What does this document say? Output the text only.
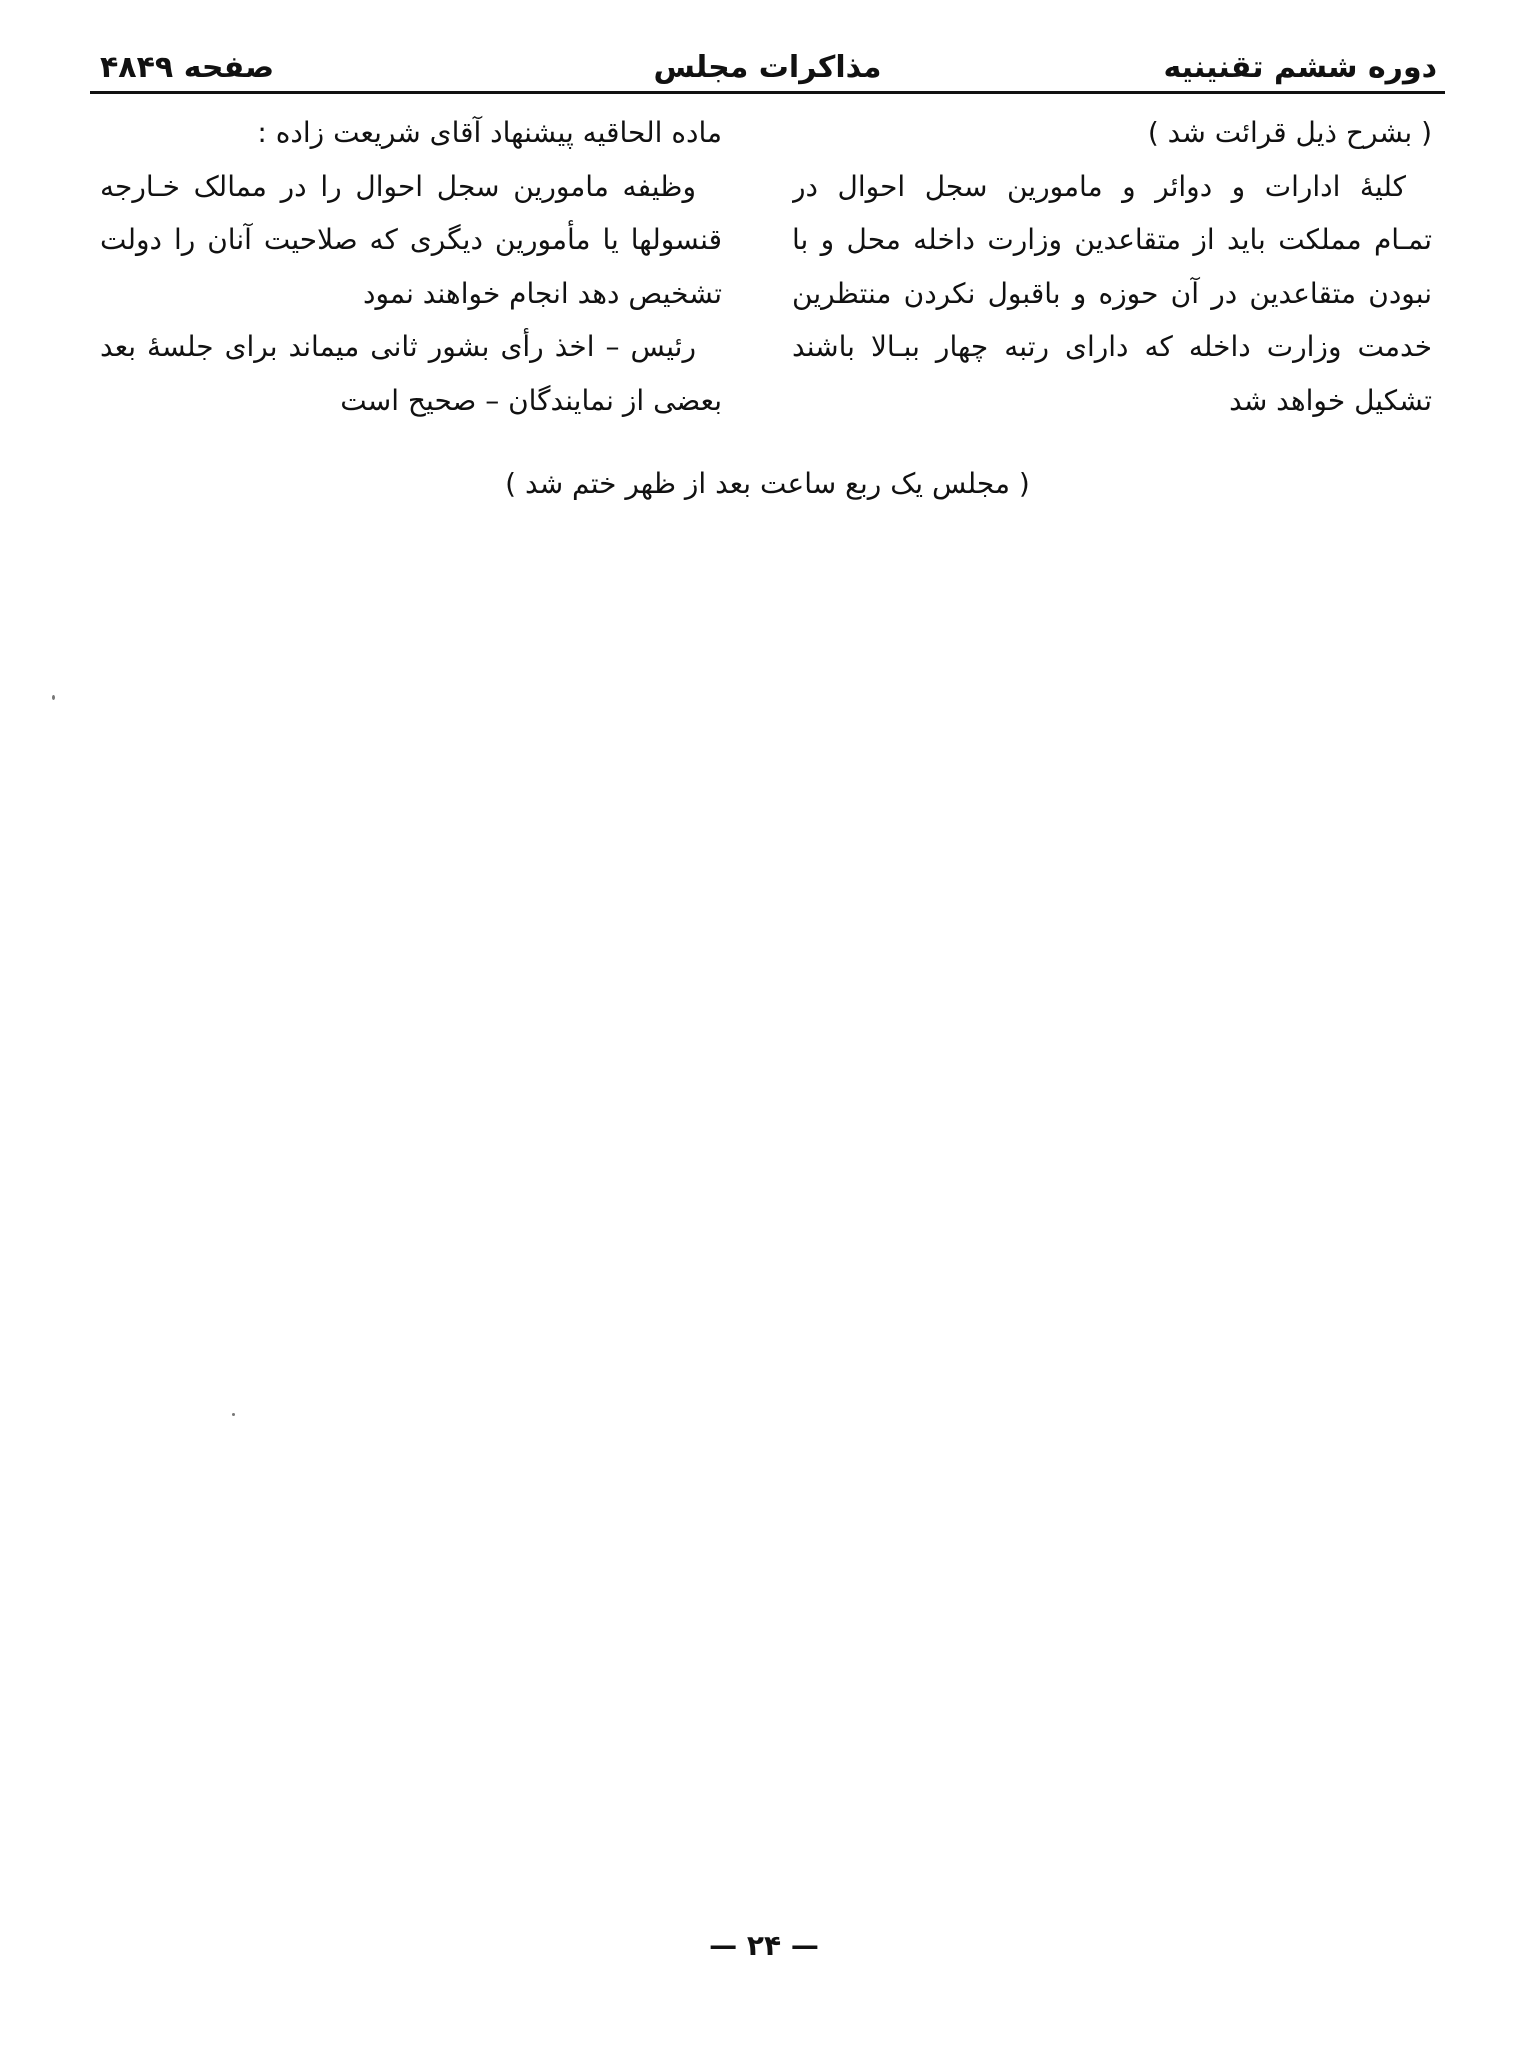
دوره ششم تقنینیه
مذاکرات مجلس
صفحه ۴۸۴۹

( بشرح ذیل قرائت شد )

کلیهٔ ادارات و دوائر و مامورین سجل احوال در
تمـام مملکت باید از متقاعدین وزارت داخله محل و با
نبودن متقاعدین در آن حوزه و باقبول نکردن منتظرین
خدمت وزارت داخله که دارای رتبه چهار ببـالا باشند
تشکیل خواهد شد

ماده الحاقیه پیشنهاد آقای شریعت زاده :

وظیفه مامورین سجل احوال را در ممالک خـارجه
قنسولها یا مأمورین دیگری که صلاحیت آنان را دولت
تشخیص دهد انجام خواهند نمود

رئیس – اخذ رأی بشور ثانی میماند برای جلسهٔ بعد
بعضی از نمایندگان – صحیح است

( مجلس یک ربع ساعت بعد از ظهر ختم شد )
— ۲۴ —
